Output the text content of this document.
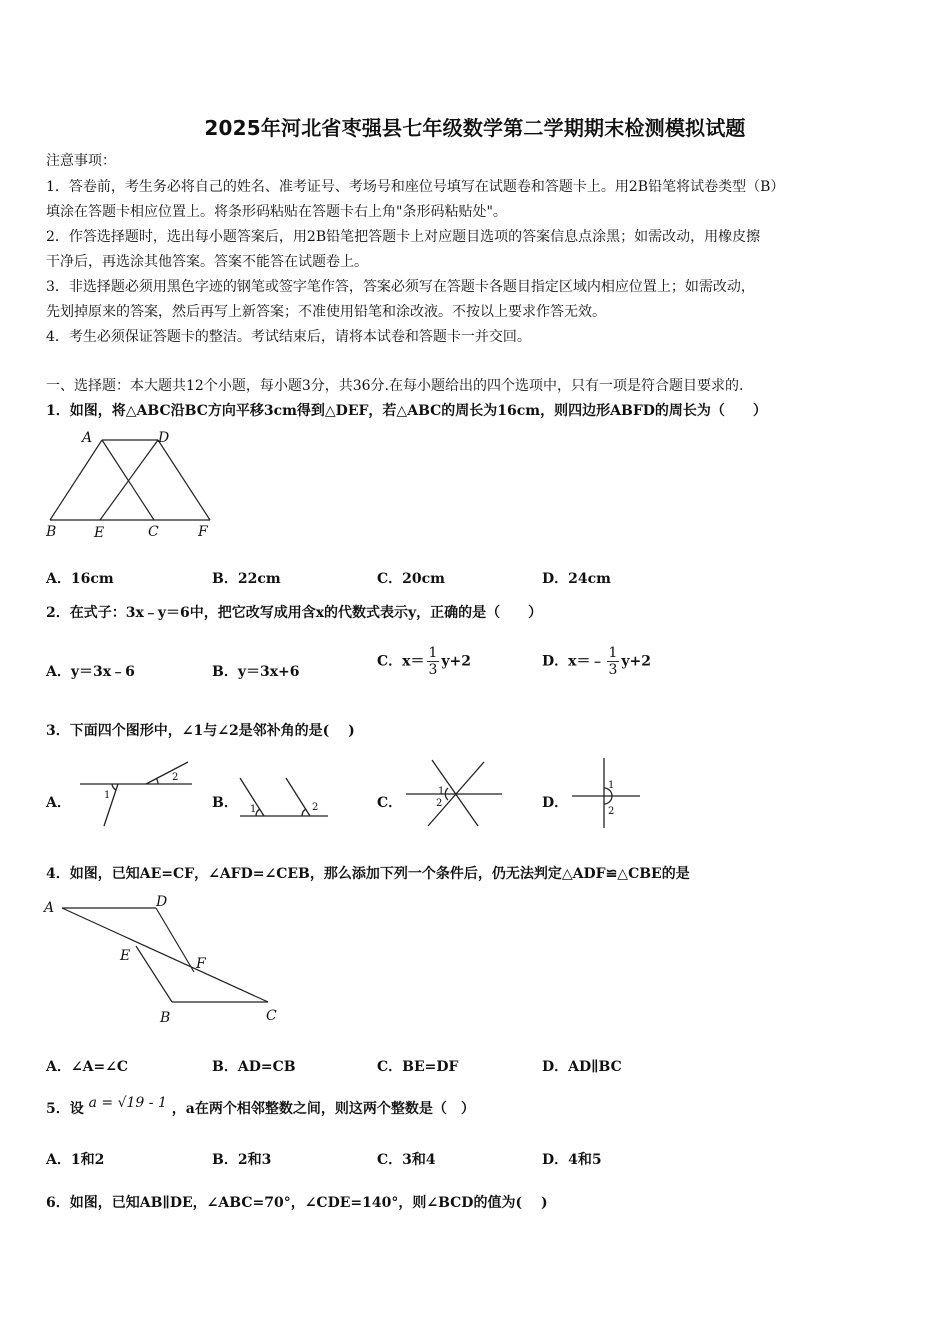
2025年河北省枣强县七年级数学第二学期期末检测模拟试题
注意事项：
1．答卷前，考生务必将自己的姓名、准考证号、考场号和座位号填写在试题卷和答题卡上。用2B铅笔将试卷类型（B）
填涂在答题卡相应位置上。将条形码粘贴在答题卡右上角"条形码粘贴处"。
2．作答选择题时，选出每小题答案后，用2B铅笔把答题卡上对应题目选项的答案信息点涂黑；如需改动，用橡皮擦
干净后，再选涂其他答案。答案不能答在试题卷上。
3．非选择题必须用黑色字迹的钢笔或签字笔作答，答案必须写在答题卡各题目指定区域内相应位置上；如需改动，
先划掉原来的答案，然后再写上新答案；不准使用铅笔和涂改液。不按以上要求作答无效。
4．考生必须保证答题卡的整洁。考试结束后，请将本试卷和答题卡一并交回。
一、选择题：本大题共12个小题，每小题3分，共36分.在每小题给出的四个选项中，只有一项是符合题目要求的.
1．如图，将△ABC沿BC方向平移3cm得到△DEF，若△ABC的周长为16cm，则四边形ABFD的周长为（　　）
A	D
B	E	C	F
A．16cm	B．22cm	C．20cm	D．24cm
2．在式子：3x﹣y＝6中，把它改写成用含x的代数式表示y，正确的是（　　）
A．y＝3x﹣6	B．y＝3x+6
C．$x= \frac{1}{3} y+2$	D．x＝﹣ $\frac{1}{3} y+2$
3．下面四个图形中，∠1与∠2是邻补角的是(　 )
A．	1
2
B． 1	2	C．
1
2	D．
1
2
4．如图，已知AE=CF，∠AFD=∠CEB，那么添加下列一个条件后，仍无法判定△ADF≌△CBE的是
A	D
E	F
B	C
A．∠A=∠C	B．AD=CB	C．BE=DF	D．AD∥BC
5．设 a = √19 - 1 ，a在两个相邻整数之间，则这两个整数是（　）
A．1和2	B．2和3	C．3和4	D．4和5
6．如图，已知AB∥DE，∠ABC=70°，∠CDE=140°，则∠BCD的值为(　 )
